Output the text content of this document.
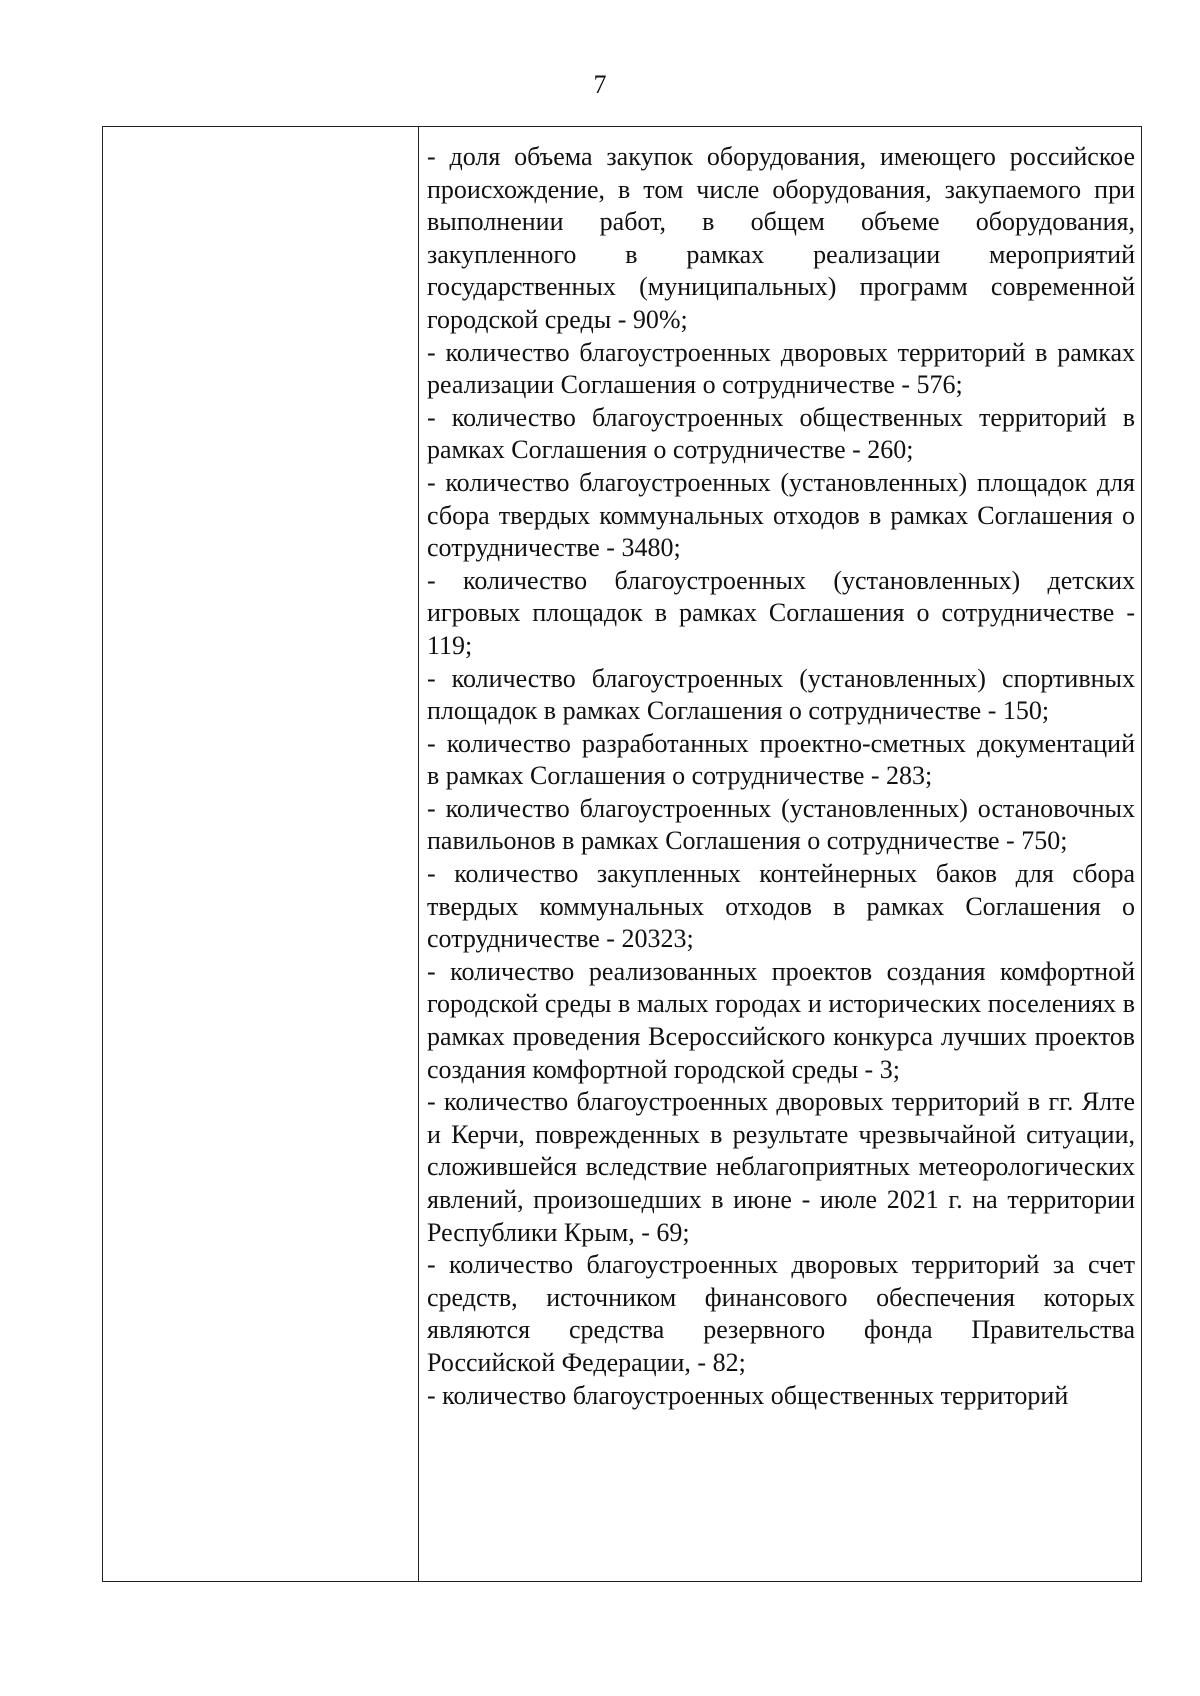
7

- доля объема закупок оборудования, имеющего российское происхождение, в том числе оборудования, закупаемого при выполнении работ, в общем объеме оборудования, закупленного в рамках реализации мероприятий государственных (муниципальных) программ современной городской среды - 90%;

- количество благоустроенных дворовых территорий в рамках реализации Соглашения о сотрудничестве - 576;

- количество благоустроенных общественных территорий в рамках Соглашения о сотрудничестве - 260;

- количество благоустроенных (установленных) площадок для сбора твердых коммунальных отходов в рамках Соглашения о сотрудничестве - 3480;

- количество благоустроенных (установленных) детских игровых площадок в рамках Соглашения о сотрудничестве - 119;

- количество благоустроенных (установленных) спортивных площадок в рамках Соглашения о сотрудничестве - 150;

- количество разработанных проектно-сметных документаций в рамках Соглашения о сотрудничестве - 283;

- количество благоустроенных (установленных) остановочных павильонов в рамках Соглашения о сотрудничестве - 750;

- количество закупленных контейнерных баков для сбора твердых коммунальных отходов в рамках Соглашения о сотрудничестве - 20323;

- количество реализованных проектов создания комфортной городской среды в малых городах и исторических поселениях в рамках проведения Всероссийского конкурса лучших проектов создания комфортной городской среды - 3;

- количество благоустроенных дворовых территорий в гг. Ялте и Керчи, поврежденных в результате чрезвычайной ситуации, сложившейся вследствие неблагоприятных метеорологических явлений, произошедших в июне - июле 2021 г. на территории Республики Крым, - 69;

- количество благоустроенных дворовых территорий за счет средств, источником финансового обеспечения которых являются средства резервного фонда Правительства Российской Федерации, - 82;

- количество благоустроенных общественных территорий
